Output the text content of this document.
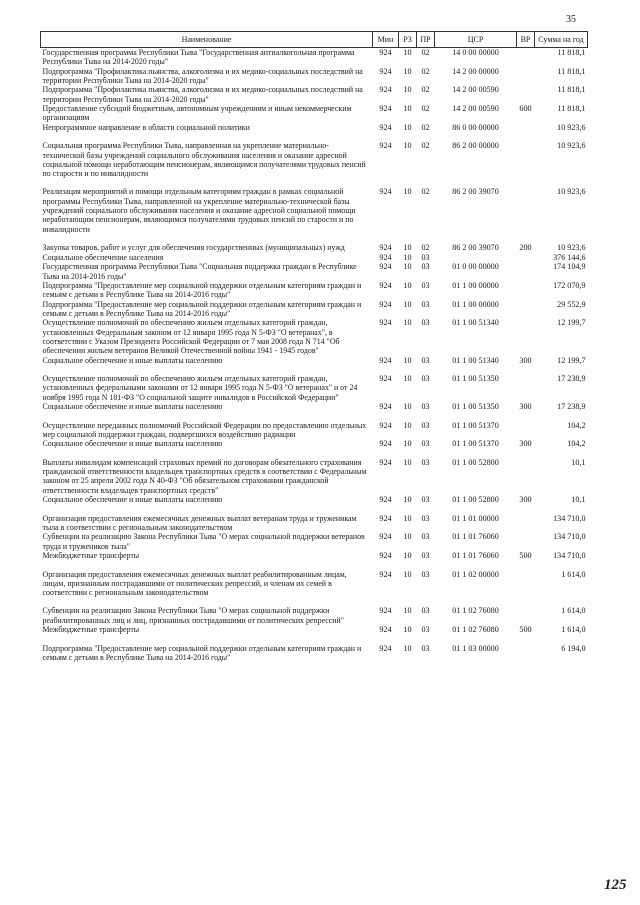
35
Наименование	Мин	РЗ	ПР	ЦСР	ВР	Сумма на год
Государственная программа Республики Тыва "Государственная антиалкогольная программа Республики Тыва на 2014-2020 годы"	924	10	02	14 0 00 00000		11 818,1
Подпрограмма "Профилактика пьянства, алкоголизма и их медико-социальных последствий на территории Республики Тыва на 2014-2020 годы"	924	10	02	14 2 00 00000		11 818,1
Подпрограмма "Профилактика пьянства, алкоголизма и их медико-социальных последствий на территории Республики Тыва на 2014-2020 годы"	924	10	02	14 2 00 00590		11 818,1
Предоставление субсидий бюджетным, автономным учреждениям и иным некоммерческим организациям	924	10	02	14 2 00 00590	600	11 818,1
Непрограммное направление в области социальной политики	924	10	02	86 0 00 00000		10 923,6

Социальная программа Республики Тыва, направленная на укрепление материально-технической базы учреждений социального обслуживания населения и оказание адресной социальной помощи неработающим пенсионерам, являющимся получателями трудовых пенсий по старости и по инвалидности	924	10	02	86 2 00 00000		10 923,6

Реализация мероприятий и помощи отдельным категориям граждан в рамках социальной программы Республики Тыва, направленной на укрепление материально-технической базы учреждений социального обслуживания населения и оказание адресной социальной помощи неработающим пенсионерам, являющимся получателями трудовых пенсий по старости и по инвалидности	924	10	02	86 2 00 39070		10 923,6

Закупка товаров, работ и услуг для обеспечения государственных (муниципальных) нужд	924	10	02	86 2 00 39070	200	10 923,6
Социальное обеспечение населения	924	10	03			376 144,6
Государственная программа Республики Тыва "Социальная поддержка граждан в Республике Тыва на 2014-2016 годы"	924	10	03	01 0 00 00000		174 104,9
Подпрограмма "Предоставление мер социальной поддержки отдельным категориям граждан и семьям с детьми в Республике Тыва на 2014-2016 годы"	924	10	03	01 1 00 00000		172 070,9
Подпрограмма "Предоставление мер социальной поддержки отдельным категориям граждан и семьям с детьми в Республике Тыва на 2014-2016 годы"	924	10	03	01 1 00 00000		29 552,9
Осуществление полномочий по обеспечению жильем отдельных категорий граждан, установленных Федеральным законом от 12 января 1995 года N 5-ФЗ "О ветеранах", в соответствии с Указом Президента Российской Федерации от 7 мая 2008 года N 714 "Об обеспечении жильем ветеранов Великой Отечественной войны 1941 - 1945 годов"	924	10	03	01 1 00 51340		12 199,7
Социальное обеспечение и иные выплаты населению	924	10	03	01 1 00 51340	300	12 199,7

Осуществление полномочий по обеспечению жильем отдельных категорий граждан, установленных федеральными законами от 12 января 1995 года N 5-ФЗ "О ветеранах" и от 24 ноября 1995 года N 181-ФЗ "О социальной защите инвалидов в Российской Федерации"	924	10	03	01 1 00 51350		17 238,9
Социальное обеспечение и иные выплаты населению	924	10	03	01 1 00 51350	300	17 238,9

Осуществление переданных полномочий Российской Федерации по предоставлению отдельных мер социальной поддержки граждан, подвергшихся воздействию радиации	924	10	03	01 1 00 51370		104,2
Социальное обеспечение и иные выплаты населению	924	10	03	01 1 00 51370	300	104,2

Выплаты инвалидам компенсаций страховых премий по договорам обязательного страхования гражданской ответственности владельцев транспортных средств в соответствии с Федеральным законом от 25 апреля 2002 года N 40-ФЗ "Об обязательном страховании гражданской ответственности владельцев транспортных средств"	924	10	03	01 1 00 52800		10,1
Социальное обеспечение и иные выплаты населению	924	10	03	01 1 00 52800	300	10,1

Организация предоставления ежемесячных денежных выплат ветеранам труда и труженикам тыла в соответствии с региональным законодательством	924	10	03	01 1 01 00000		134 710,0
Субвенции на реализацию Закона Республики Тыва "О мерах социальной поддержки ветеранов труда и тружеников тыла"	924	10	03	01 1 01 76060		134 710,0
Межбюджетные трансферты	924	10	03	01 1 01 76060	500	134 710,0

Организация предоставления ежемесячных денежных выплат реабилитированным лицам, лицам, признанным пострадавшими от политических репрессий, и членам их семей в соответствии с региональным законодательством	924	10	03	01 1 02 00000		1 614,0

Субвенции на реализацию Закона Республики Тыва "О мерах социальной поддержки реабилитированных лиц и лиц, признанных пострадавшими от политических репрессий"	924	10	03	01 1 02 76080		1 614,0
Межбюджетные трансферты	924	10	03	01 1 02 76080	500	1 614,0

Подпрограмма "Предоставление мер социальной поддержки отдельным категориям граждан и семьям с детьми в Республике Тыва на 2014-2016 годы"	924	10	03	01 1 03 00000		6 194,0
125
